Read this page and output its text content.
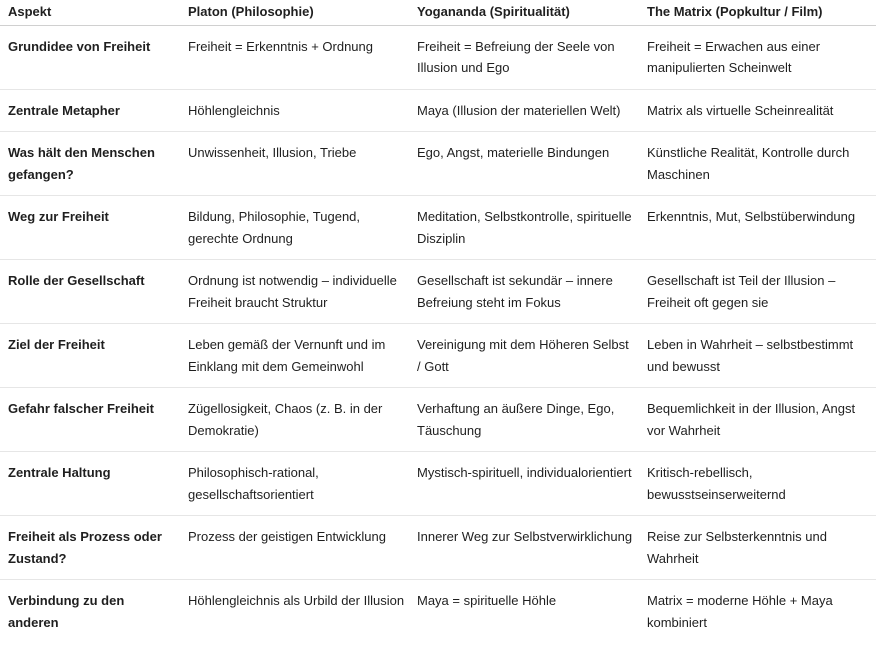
Aspekt	Platon (Philosophie)	Yogananda (Spiritualität)	The Matrix (Popkultur / Film)
Grundidee von Freiheit	Freiheit = Erkenntnis + Ordnung	Freiheit = Befreiung der Seele von Illusion und Ego	Freiheit = Erwachen aus einer manipulierten Scheinwelt
Zentrale Metapher	Höhlengleichnis	Maya (Illusion der materiellen Welt)	Matrix als virtuelle Scheinrealität
Was hält den Menschen gefangen?	Unwissenheit, Illusion, Triebe	Ego, Angst, materielle Bindungen	Künstliche Realität, Kontrolle durch Maschinen
Weg zur Freiheit	Bildung, Philosophie, Tugend, gerechte Ordnung	Meditation, Selbstkontrolle, spirituelle Disziplin	Erkenntnis, Mut, Selbstüberwindung
Rolle der Gesellschaft	Ordnung ist notwendig – individuelle Freiheit braucht Struktur	Gesellschaft ist sekundär – innere Befreiung steht im Fokus	Gesellschaft ist Teil der Illusion – Freiheit oft gegen sie
Ziel der Freiheit	Leben gemäß der Vernunft und im Einklang mit dem Gemeinwohl	Vereinigung mit dem Höheren Selbst / Gott	Leben in Wahrheit – selbstbestimmt und bewusst
Gefahr falscher Freiheit	Zügellosigkeit, Chaos (z. B. in der Demokratie)	Verhaftung an äußere Dinge, Ego, Täuschung	Bequemlichkeit in der Illusion, Angst vor Wahrheit
Zentrale Haltung	Philosophisch-rational, gesellschaftsorientiert	Mystisch-spirituell, individualorientiert	Kritisch-rebellisch, bewusstseinserweiternd
Freiheit als Prozess oder Zustand?	Prozess der geistigen Entwicklung	Innerer Weg zur Selbstverwirklichung	Reise zur Selbsterkenntnis und Wahrheit
Verbindung zu den anderen	Höhlengleichnis als Urbild der Illusion	Maya = spirituelle Höhle	Matrix = moderne Höhle + Maya kombiniert
